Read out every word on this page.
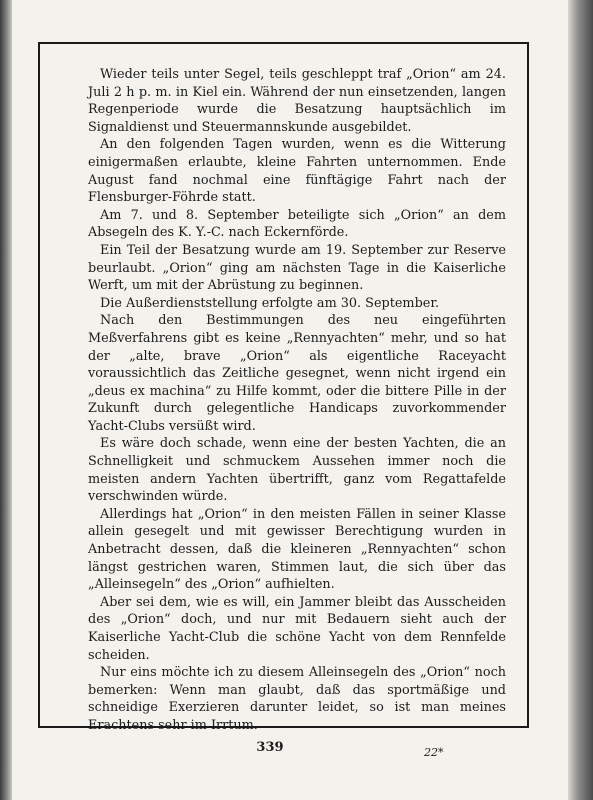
Wieder teils unter Segel, teils geschleppt traf „Orion“ am 24. Juli 2 h p. m. in Kiel ein. Während der nun einsetzenden, langen Regenperiode wurde die Besatzung hauptsächlich im Signaldienst und Steuermannskunde ausgebildet.

An den folgenden Tagen wurden, wenn es die Witterung einigermaßen erlaubte, kleine Fahrten unternommen. Ende August fand nochmal eine fünftägige Fahrt nach der Flensburger-Föhrde statt.

Am 7. und 8. September beteiligte sich „Orion“ an dem Absegeln des K. Y.-C. nach Eckernförde.

Ein Teil der Besatzung wurde am 19. September zur Reserve beurlaubt. „Orion“ ging am nächsten Tage in die Kaiserliche Werft, um mit der Abrüstung zu beginnen.

Die Außerdienststellung erfolgte am 30. September.

Nach den Bestimmungen des neu eingeführten Meßverfahrens gibt es keine „Rennyachten“ mehr, und so hat der „alte, brave „Orion“ als eigentliche Raceyacht voraussichtlich das Zeitliche gesegnet, wenn nicht irgend ein „deus ex machina“ zu Hilfe kommt, oder die bittere Pille in der Zukunft durch gelegentliche Handicaps zuvorkommender Yacht-Clubs versüßt wird.

Es wäre doch schade, wenn eine der besten Yachten, die an Schnelligkeit und schmuckem Aussehen immer noch die meisten andern Yachten übertrifft, ganz vom Regattafelde verschwinden würde.

Allerdings hat „Orion“ in den meisten Fällen in seiner Klasse allein gesegelt und mit gewisser Berechtigung wurden in Anbetracht dessen, daß die kleineren „Rennyachten“ schon längst gestrichen waren, Stimmen laut, die sich über das „Alleinsegeln“ des „Orion“ aufhielten.

Aber sei dem, wie es will, ein Jammer bleibt das Ausscheiden des „Orion“ doch, und nur mit Bedauern sieht auch der Kaiserliche Yacht-Club die schöne Yacht von dem Rennfelde scheiden.

Nur eins möchte ich zu diesem Alleinsegeln des „Orion“ noch bemerken: Wenn man glaubt, daß das sportmäßige und schneidige Exerzieren darunter leidet, so ist man meines Erachtens sehr im Irrtum.

339	22*
